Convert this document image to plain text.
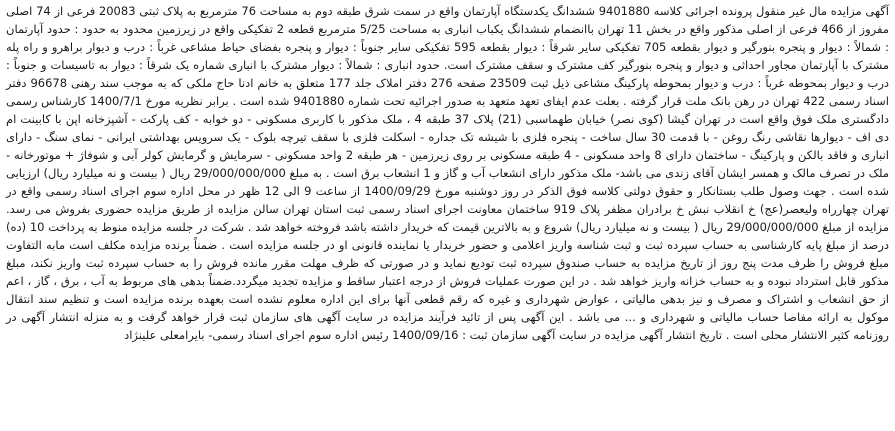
آگهی مزایده مال غیر منقول پرونده اجرائی کلاسه 9401880 ششدانگ یکدستگاه آپارتمان واقع در سمت شرق طبقه دوم به مساحت 76 مترمربع به پلاک ثبتی 20083 فرعی از 74 اصلی مفروز از 466 فرعی از اصلی مذکور واقع در بخش 11 تهران باانضمام ششدانگ یکباب انباری به مساحت 5/25 مترمربع قطعه 2 تفکیکی واقع در زیرزمین محدود به حدود : حدود آپارتمان : شمالاً : دیوار و پنجره بنورگیر و دیوار بقطعه 705 تفکیکی سایر شرقاً : دیوار بقطعه 595 تفکیکی سایر جنوباً : دیوار و پنجره بفضای حیاط مشاعی غرباً : درب و دیوار براهرو و راه پله مشترک با آپارتمان مجاور احداثی و دیوار و پنجره بنورگیر کف مشترک و سقف مشترک است. حدود انباری : شمالاً : دیوار مشترک با انباری شماره یک شرقاً : دیوار به تاسیسات و جنوباً : درب و دیوار بمحوطه غرباً : درب و دیوار بمحوطه پارکینگ مشاعی ذیل ثبت 23509 صفحه 276 دفتر املاک جلد 177 متعلق به خانم ادنا حاج ملکی که به موجب سند رهنی 96678 دفتر اسناد رسمی 422 تهران در رهن بانک ملت قرار گرفته . بعلت عدم ایفای تعهد متعهد به صدور اجرائیه تحت شماره 9401880 شده است . برابر نظریه مورخ 1400/7/1 کارشناس رسمی دادگستری ملک فوق واقع است در تهران گیشا (کوی نصر) خیابان طهماسبی (21) پلاک 37 طبقه 4 ، ملک مذکور با کاربری مسکونی - دو خوابه - کف پارکت - آشپزخانه اپن با کابینت ام دی اف - دیوارها نقاشی رنگ روغن - با قدمت 30 سال ساخت - پنجره فلزی با شیشه تک جداره - اسکلت فلزی با سقف تیرچه بلوک - یک سرویس بهداشتی ایرانی - نمای سنگ - دارای انباری و فاقد بالکن و پارکینگ - ساختمان دارای 8 واحد مسکونی - 4 طبقه مسکونی بر روی زیرزمین - هر طبقه 2 واحد مسکونی - سرمایش و گرمایش کولر آبی و شوفاژ + موتورخانه - ملک در تصرف مالک و همسر ایشان آقای زندی می باشد- ملک مذکور دارای انشعاب آب و گاز و 1 انشعاب برق است . به مبلغ 29/000/000/000 ریال ( بیست و نه میلیارد ریال) ارزیابی شده است . جهت وصول طلب بستانکار و حقوق دولتی کلاسه فوق الذکر در روز دوشنبه مورخ 1400/09/29 از ساعت 9 الی 12 ظهر در محل اداره سوم اجرای اسناد رسمی واقع در تهران چهارراه ولیعصر(عج) خ انقلاب نبش خ برادران مظفر پلاک 919 ساختمان معاونت اجرای اسناد رسمی ثبت استان تهران سالن مزایده از طریق مزایده حضوری بفروش می رسد. مزایده از مبلغ 29/000/000/000 ریال ( بیست و نه میلیارد ریال) شروع و به بالاترین قیمت که خریدار داشته باشد فروخته خواهد شد . شرکت در جلسه مزایده منوط به پرداخت 10 (ده) درصد از مبلغ پایه کارشناسی به حساب سپرده ثبت و ثبت شناسه واریز اعلامی و حضور خریدار یا نماینده قانونی او در جلسه مزایده است . ضمناً برنده مزایده مکلف است مابه التفاوت مبلغ فروش را ظرف مدت پنج روز از تاریخ مزایده به حساب صندوق سپرده ثبت تودیع نماید و در صورتی که ظرف مهلت مقرر مانده فروش را به حساب سپرده ثبت واریز نکند، مبلغ مذکور قابل استرداد نبوده و به حساب خزانه واریز خواهد شد . در این صورت عملیات فروش از درجه اعتبار ساقط و مزایده تجدید میگردد.ضمناً بدهی های مربوط به آب ، برق ، گاز ، اعم از حق انشعاب و اشتراک و مصرف و نیز بدهی مالیاتی ، عوارض شهرداری و غیره که رقم قطعی آنها برای این اداره معلوم نشده است بعهده برنده مزایده است و تنظیم سند انتقال موکول به ارائه مفاصا حساب مالیاتی و شهرداری و ... می باشد . این آگهی پس از تائید فرآیند مزایده در سایت آگهی های سازمان ثبت قرار خواهد گرفت و به منزله انتشار آگهی در روزنامه کثیر الانتشار محلی است . تاریخ انتشار آگهی مزایده در سایت آگهی سازمان ثبت : 1400/09/16 رئیس اداره سوم اجرای اسناد رسمی- بایرامعلی علینژاد
